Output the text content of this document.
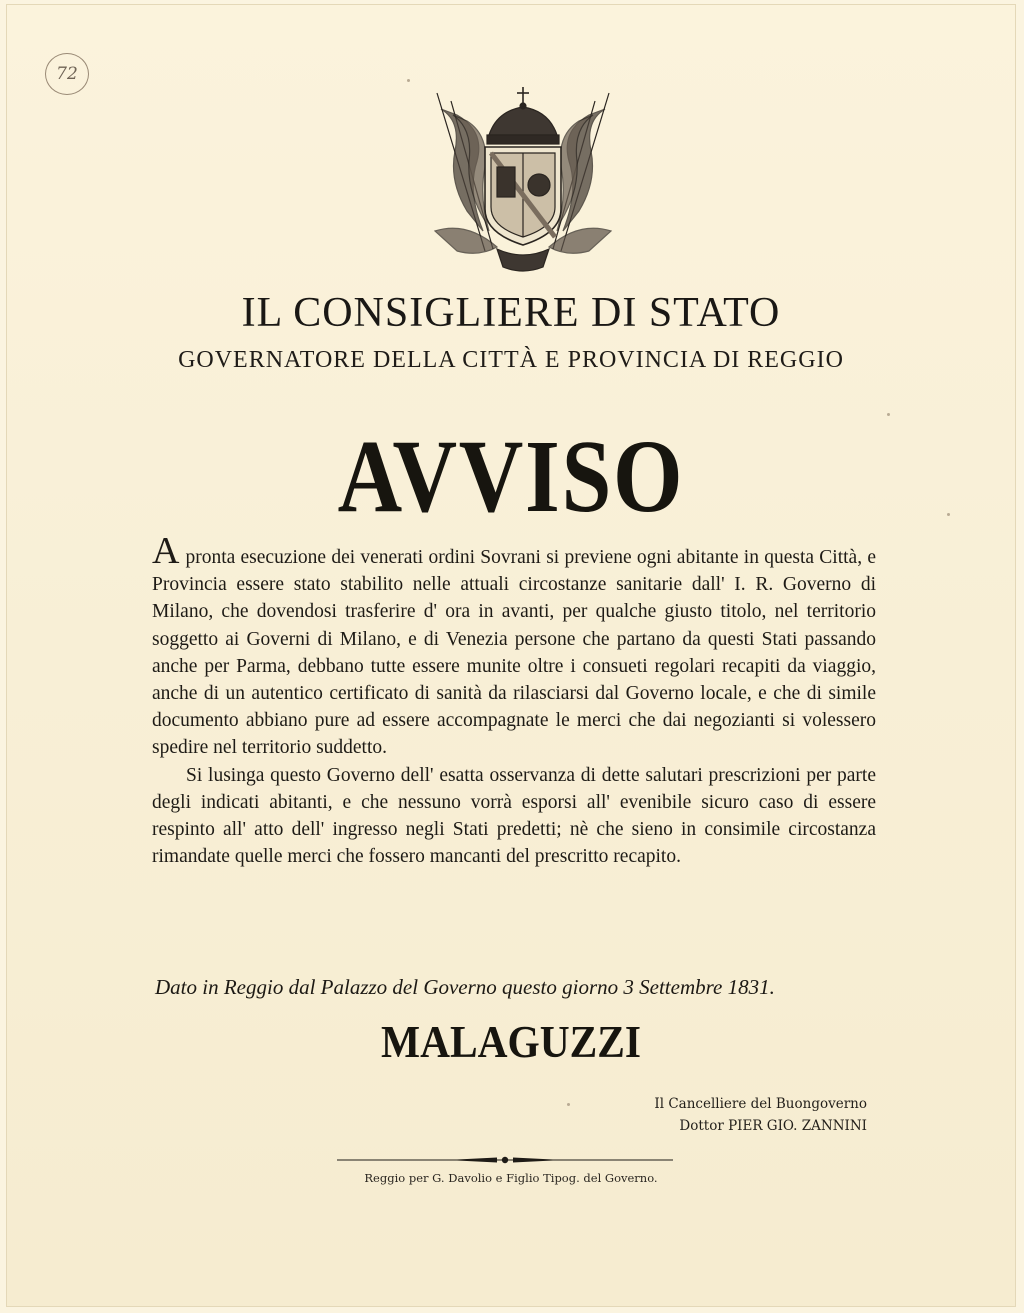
72
IL CONSIGLIERE DI STATO
GOVERNATORE DELLA CITTÀ E PROVINCIA DI REGGIO
AVVISO

Apronta esecuzione dei venerati ordini Sovrani si previene ogni abitante in questa Città, e Provincia essere stato stabilito nelle attuali circostanze sanitarie dall' I. R. Governo di Milano, che dovendosi trasferire d' ora in avanti, per qualche giusto titolo, nel territorio soggetto ai Governi di Milano, e di Venezia persone che partano da questi Stati passando anche per Parma, debbano tutte essere munite oltre i consueti regolari recapiti da viaggio, anche di un autentico certificato di sanità da rilasciarsi dal Governo locale, e che di simile documento abbiano pure ad essere accompagnate le merci che dai negozianti si volessero spedire nel territorio suddetto.

Si lusinga questo Governo dell' esatta osservanza di dette salutari prescrizioni per parte degli indicati abitanti, e che nessuno vorrà esporsi all' evenibile sicuro caso di essere respinto all' atto dell' ingresso negli Stati predetti; nè che sieno in consimile circostanza rimandate quelle merci che fossero mancanti del prescritto recapito.

Dato in Reggio dal Palazzo del Governo questo giorno 3 Settembre 1831.
MALAGUZZI
Il Cancelliere del Buongoverno
Dottor PIER GIO. ZANNINI
Reggio per G. Davolio e Figlio Tipog. del Governo.
